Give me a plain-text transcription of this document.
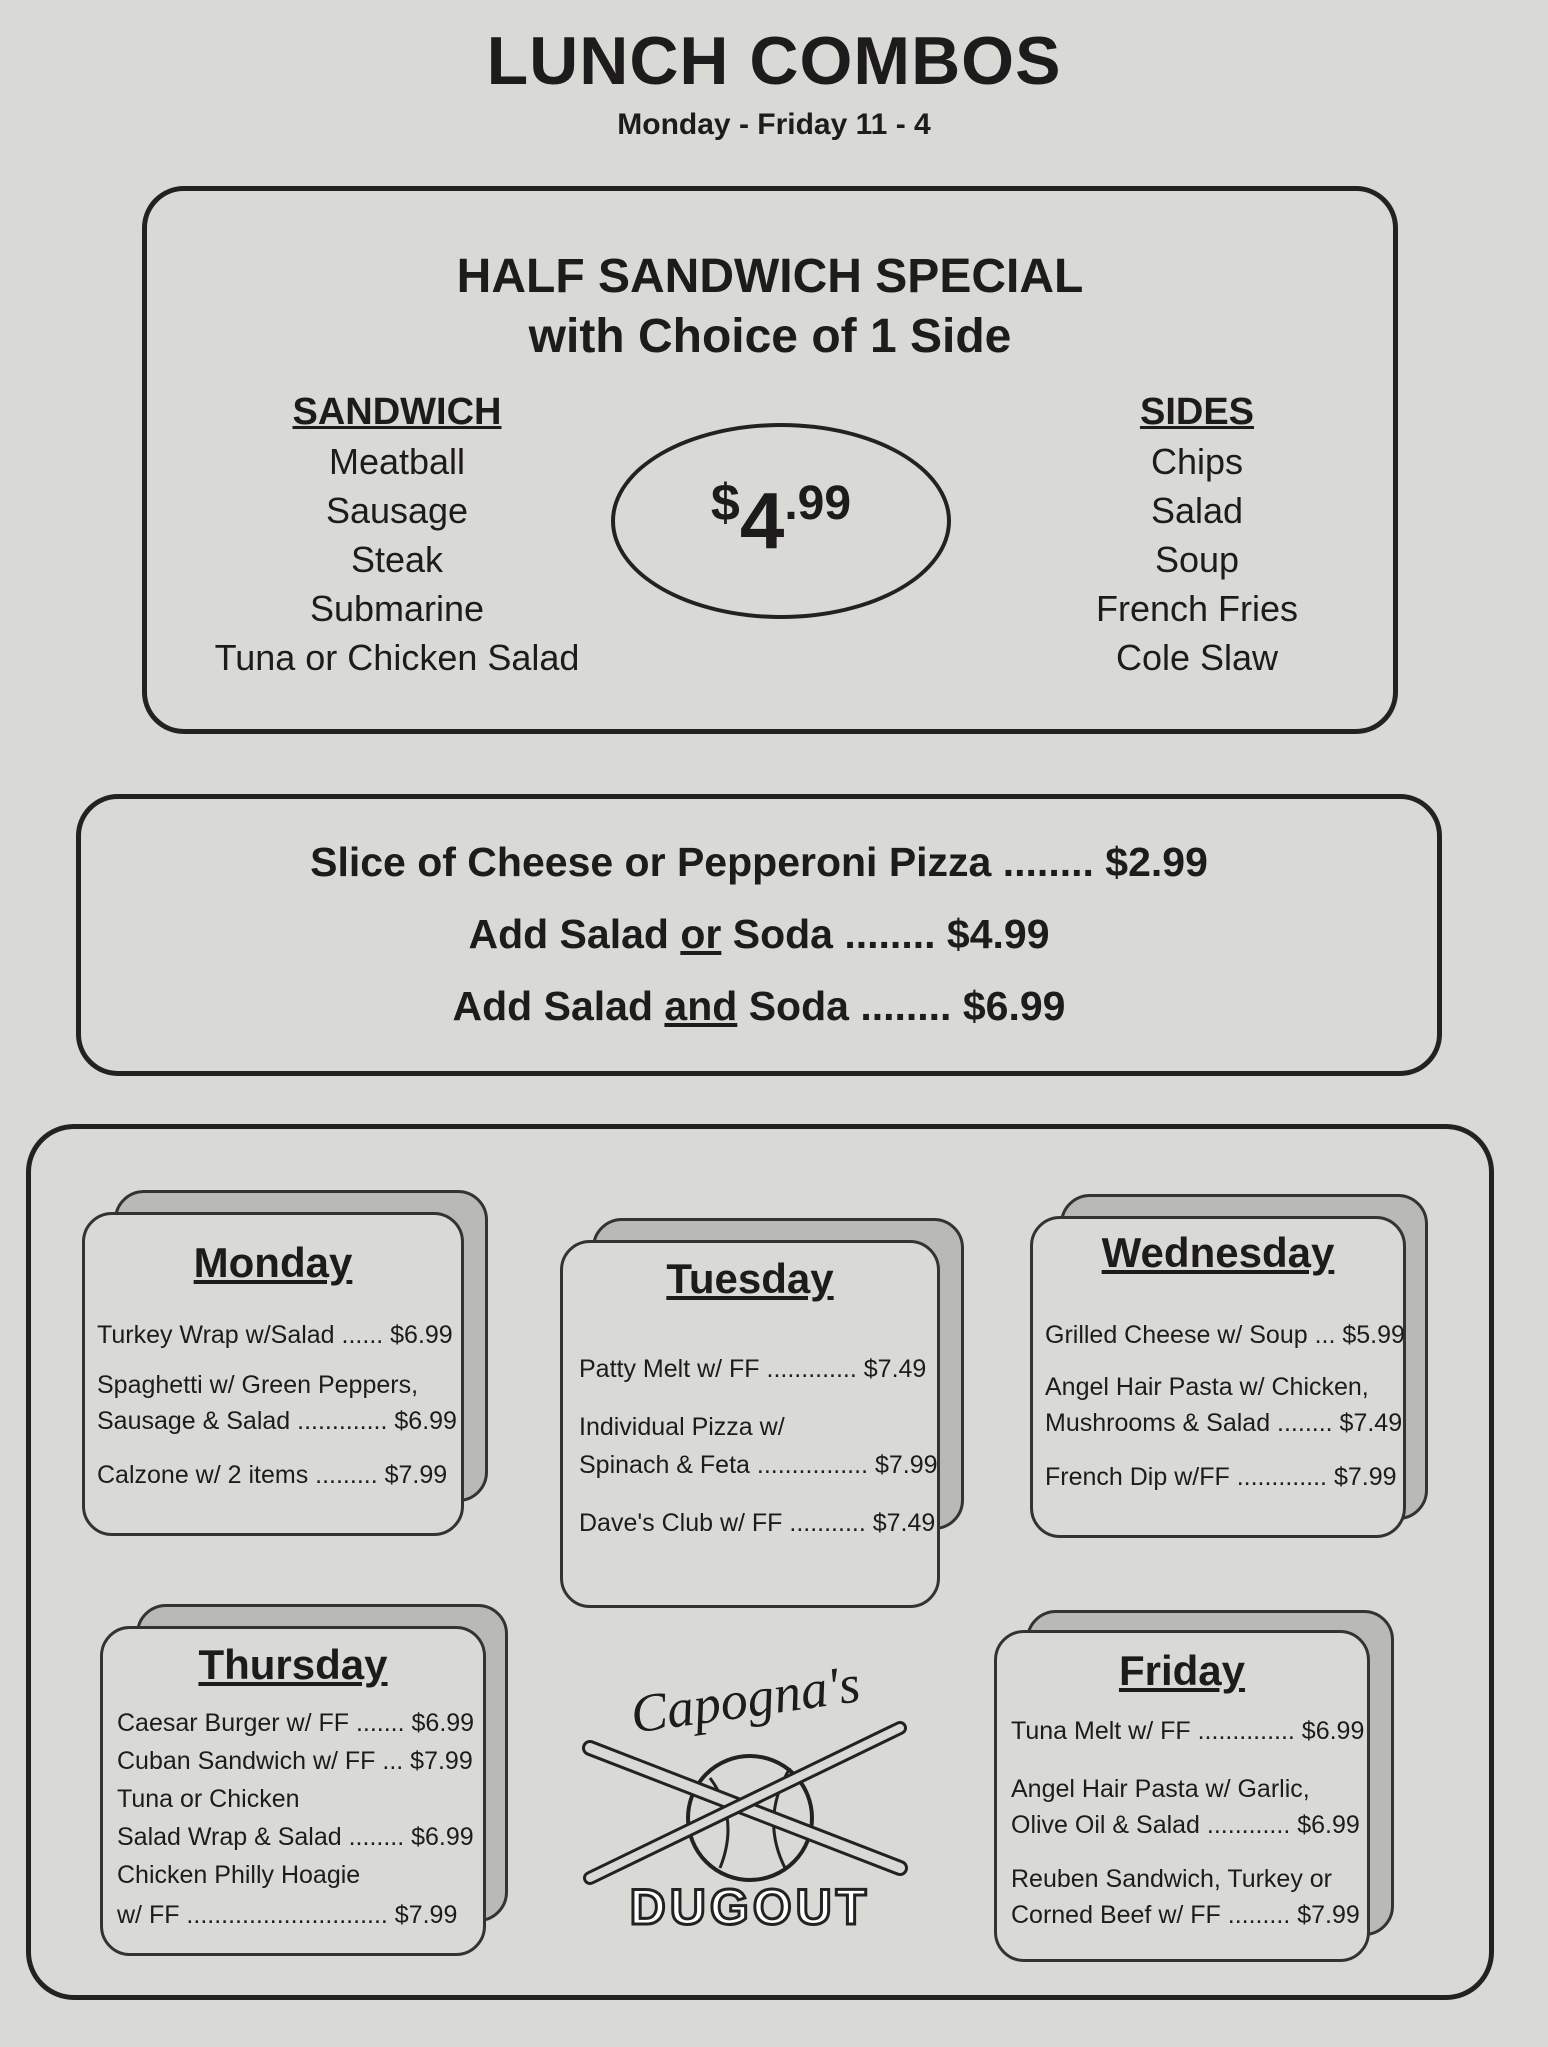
LUNCH COMBOS
Monday - Friday 11 - 4
HALF SANDWICH SPECIAL
with Choice of 1 Side
SANDWICH
Meatball
Sausage
Steak
Submarine
Tuna or Chicken Salad
$ 4 .99
SIDES
Chips
Salad
Soup
French Fries
Cole Slaw
Slice of Cheese or Pepperoni Pizza ........ $2.99
Add Salad or Soda ........ $4.99
Add Salad and Soda ........ $6.99
Monday
Turkey Wrap w/Salad ...... $6.99
Spaghetti w/ Green Peppers,
Sausage & Salad ............. $6.99
Calzone w/ 2 items ......... $7.99
Tuesday
Patty Melt w/ FF ............. $7.49
Individual Pizza w/
Spinach & Feta ................ $7.99
Dave's Club w/ FF ........... $7.49
Wednesday
Grilled Cheese w/ Soup ... $5.99
Angel Hair Pasta w/ Chicken,
Mushrooms & Salad ........ $7.49
French Dip w/FF ............. $7.99
Thursday
Caesar Burger w/ FF ....... $6.99
Cuban Sandwich w/ FF ... $7.99
Tuna or Chicken
Salad Wrap & Salad ........ $6.99
Chicken Philly Hoagie
w/ FF ............................. $7.99
Friday
Tuna Melt w/ FF .............. $6.99
Angel Hair Pasta w/ Garlic,
Olive Oil & Salad ............ $6.99
Reuben Sandwich, Turkey or
Corned Beef w/ FF ......... $7.99
Capogna's
DUGOUT
